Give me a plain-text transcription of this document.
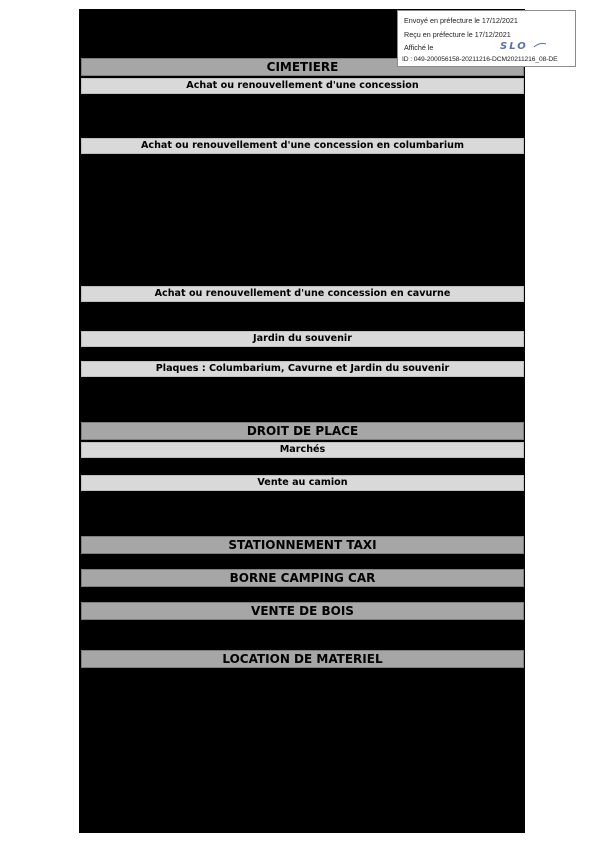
CIMETIERE
Achat ou renouvellement d'une concession
Achat ou renouvellement d'une concession en columbarium
Achat ou renouvellement d'une concession en cavurne
Jardin du souvenir
Plaques : Columbarium, Cavurne et Jardin du souvenir
DROIT DE PLACE
Marchés
Vente au camion
STATIONNEMENT TAXI
BORNE CAMPING CAR
VENTE DE BOIS
LOCATION DE MATERIEL
Envoyé en préfecture le 17/12/2021
Reçu en préfecture le 17/12/2021
Affiché le	SLO
ID : 049-200056158-20211216-DCM20211216_08-DE
